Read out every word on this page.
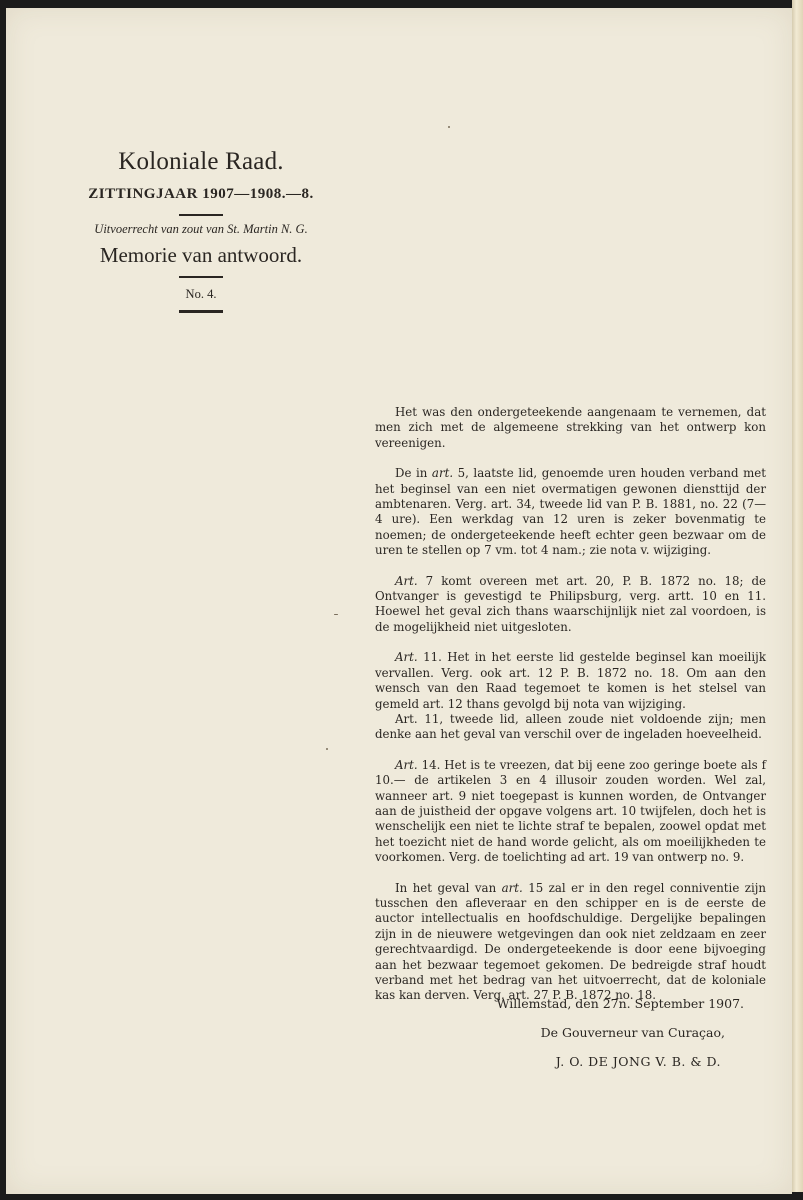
Koloniale Raad.
ZITTINGJAAR 1907—1908.—8.
Uitvoerrecht van zout van St. Martin N. G.
Memorie van antwoord.
No. 4.

Het was den ondergeteekende aangenaam te vernemen, dat men zich met de algemeene strekking van het ontwerp kon vereenigen.

De in art. 5, laatste lid, genoemde uren houden verband met het beginsel van een niet overmatigen gewonen diensttijd der ambtenaren. Verg. art. 34, tweede lid van P. B. 1881, no. 22 (7—4 ure). Een werkdag van 12 uren is zeker bovenmatig te noemen; de ondergeteekende heeft echter geen bezwaar om de uren te stellen op 7 vm. tot 4 nam.; zie nota v. wijziging.

Art. 7 komt overeen met art. 20, P. B. 1872 no. 18; de Ontvanger is gevestigd te Philipsburg, verg. artt. 10 en 11. Hoewel het geval zich thans waarschijnlijk niet zal voordoen, is de mogelijkheid niet uitgesloten.

Art. 11. Het in het eerste lid gestelde beginsel kan moeilijk vervallen. Verg. ook art. 12 P. B. 1872 no. 18. Om aan den wensch van den Raad tegemoet te komen is het stelsel van gemeld art. 12 thans gevolgd bij nota van wijziging.

Art. 11, tweede lid, alleen zoude niet voldoende zijn; men denke aan het geval van verschil over de ingeladen hoeveelheid.

Art. 14. Het is te vreezen, dat bij eene zoo geringe boete als f 10.— de artikelen 3 en 4 illusoir zouden worden. Wel zal, wanneer art. 9 niet toegepast is kunnen worden, de Ontvanger aan de juistheid der opgave volgens art. 10 twijfelen, doch het is wenschelijk een niet te lichte straf te bepalen, zoowel opdat met het toezicht niet de hand worde gelicht, als om moeilijkheden te voorkomen. Verg. de toelichting ad art. 19 van ontwerp no. 9.

In het geval van art. 15 zal er in den regel conniventie zijn tusschen den afleveraar en den schipper en is de eerste de auctor intellectualis en hoofdschuldige. Dergelijke bepalingen zijn in de nieuwere wetgevingen dan ook niet zeldzaam en zeer gerechtvaardigd. De ondergeteekende is door eene bijvoeging aan het bezwaar tegemoet gekomen. De bedreigde straf houdt verband met het bedrag van het uitvoerrecht, dat de koloniale kas kan derven. Verg. art. 27 P. B. 1872 no. 18.

Willemstad, den 27n. September 1907.
De Gouverneur van Curaçao,
J. O. DE JONG V. B. & D.
